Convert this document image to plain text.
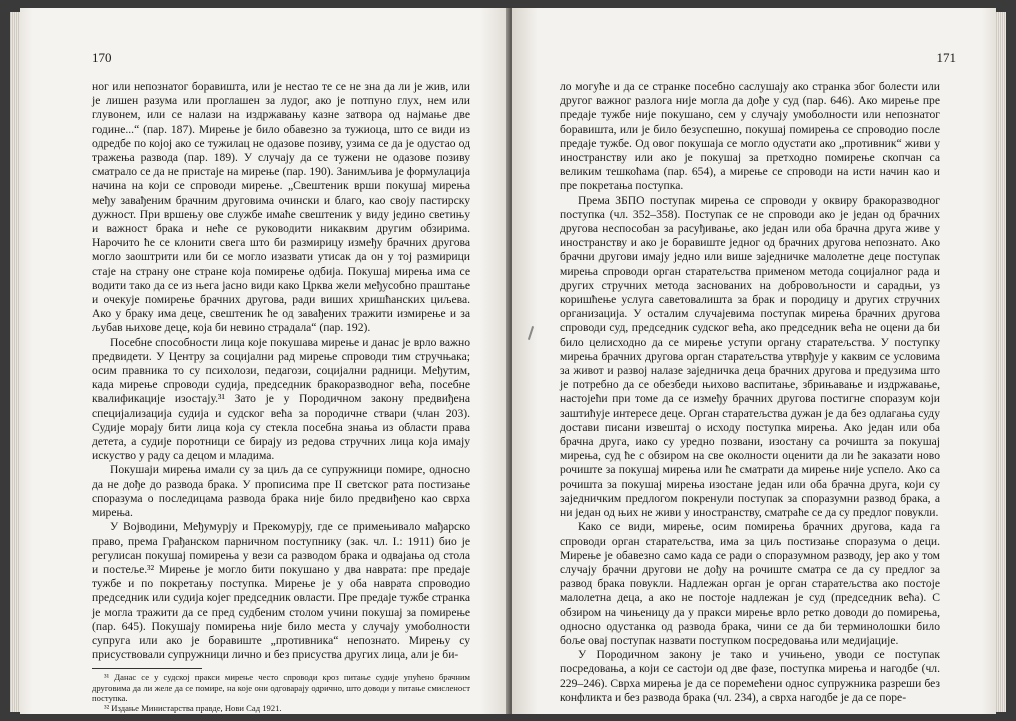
170

ног или непознатог боравишта, или је нестао те се не зна да ли је жив, или је лишен разума или проглашен за лудог, ако је потпуно глух, нем или глувонем, или се налази на издржавању казне затвора од најмање две године...“ (пар. 187). Мирење је било обавезно за тужиоца, што се види из одредбе по којој ако се тужилац не одазове позиву, узима се да је одустао од тражења развода (пар. 189). У случају да се тужени не одазове позиву сматрало се да не пристаје на мирење (пар. 190). Занимљива је формулација начина на који се спроводи мирење. „Свештеник врши покушај мирења међу завађеним брачним друговима очински и благо, као своју пастирску дужност. При вршењу ове службе имаће свештеник у виду једино светињу и важност брака и неће се руководити никаквим другим обзирима. Нарочито ће се клонити свега што би размирицу између брачних другова могло заоштрити или би се могло изазвати утисак да он у тој размирици стаје на страну оне стране која помирење одбија. Покушај мирења има се водити тако да се из њега јасно види како Црква жели међусобно праштање и очекује помирење брачних другова, ради виших хришћанских циљева. Ако у браку има деце, свештеник ће од завађених тражити измирење и за љубав њихове деце, која би невино страдала“ (пар. 192).

Посебне способности лица које покушава мирење и данас је врло важно предвидети. У Центру за социјални рад мирење спроводи тим стручњака; осим правника то су психолози, педагози, социјални радници. Међутим, када мирење спроводи судија, председник бракоразводног већа, посебне квалификације изостају.³¹ Зато је у Породичном закону предвиђена специјализација судија и судског већа за породичне ствари (члан 203). Судије морају бити лица која су стекла посебна знања из области права детета, а судије поротници се бирају из редова стручних лица која имају искуство у раду са децом и младима.

Покушаји мирења имали су за циљ да се супружници помире, односно да не дође до развода брака. У прописима пре II светског рата постизање споразума о последицама развода брака није било предвиђено као сврха мирења.

У Војводини, Међумурју и Прекомурју, где се примењивало мађарско право, према Грађанском парничном поступнику (зак. чл. I.: 1911) био је регулисан покушај помирења у вези са разводом брака и одвајања од стола и постеље.³² Мирење је могло бити покушано у два наврата: пре предаје тужбе и по покретању поступка. Мирење је у оба наврата спроводио председник или судија којег председник овласти. Пре предаје тужбе странка је могла тражити да се пред судбеним столом учини покушај за помирење (пар. 645). Покушају помирења није било места у случају умоболности супруга или ако је боравиште „противника“ непознато. Мирењу су присуствовали супружници лично и без присуства других лица, али је би-

³¹ Данас се у судској пракси мирење често спроводи кроз питање судије упућено брачним друговима да ли желе да се помире, на које они одговарају одрично, што доводи у питање смисленост поступка.

³² Издање Министарства правде, Нови Сад 1921.

171

ло могуће и да се странке посебно саслушају ако странка због болести или другог важног разлога није могла да дође у суд (пар. 646). Ако мирење пре предаје тужбе није покушано, сем у случају умоболности или непознатог боравишта, или је било безуспешно, покушај помирења се спроводио после предаје тужбе. Од овог покушаја се могло одустати ако „противник“ живи у иностранству или ако је покушај за претходно помирење скопчан са великим тешкоћама (пар. 654), а мирење се спроводи на исти начин као и пре покретања поступка.

Према ЗБПО поступак мирења се спроводи у оквиру бракоразводног поступка (чл. 352–358). Поступак се не спроводи ако је један од брачних другова неспособан за расуђивање, ако један или оба брачна друга живе у иностранству и ако је боравиште једног од брачних другова непознато. Ако брачни другови имају једно или више заједничке малолетне деце поступак мирења спроводи орган старатељства применом метода социјалног рада и других стручних метода заснованих на добровољности и сарадњи, уз коришћење услуга саветовалишта за брак и породицу и других стручних организација. У осталим случајевима поступак мирења брачних другова спроводи суд, председник судског већа, ако председник већа не оцени да би било целисходно да се мирење уступи органу старатељства. У поступку мирења брачних другова орган старатељства утврђује у каквим се условима за живот и развој налазе заједничка деца брачних другова и предузима што је потребно да се обезбеди њихово васпитање, збрињавање и издржавање, настојећи при томе да се између брачних другова постигне споразум који заштићује интересе деце. Орган старатељства дужан је да без одлагања суду достави писани извештај о исходу поступка мирења. Ако један или оба брачна друга, иако су уредно позвани, изостану са рочишта за покушај мирења, суд ће с обзиром на све околности оценити да ли ће заказати ново рочиште за покушај мирења или ће сматрати да мирење није успело. Ако са рочишта за покушај мирења изостане један или оба брачна друга, који су заједничким предлогом покренули поступак за споразумни развод брака, а ни један од њих не живи у иностранству, сматраће се да су предлог повукли.

Како се види, мирење, осим помирења брачних другова, када га спроводи орган старатељства, има за циљ постизање споразума о деци. Мирење је обавезно само када се ради о споразумном разводу, јер ако у том случају брачни другови не дођу на рочиште сматра се да су предлог за развод брака повукли. Надлежан орган је орган старатељства ако постоје малолетна деца, а ако не постоје надлежан је суд (председник већа). С обзиром на чињеницу да у пракси мирење врло ретко доводи до помирења, односно одустанка од развода брака, чини се да би терминолошки било боље овај поступак назвати поступком посредовања или медијације.

У Породичном закону је тако и учињено, уводи се поступак посредовања, а који се састоји од две фазе, поступка мирења и нагодбе (чл. 229–246). Сврха мирења је да се поремећени однос супружника разреши без конфликта и без развода брака (чл. 234), а сврха нагодбе је да се поре-
